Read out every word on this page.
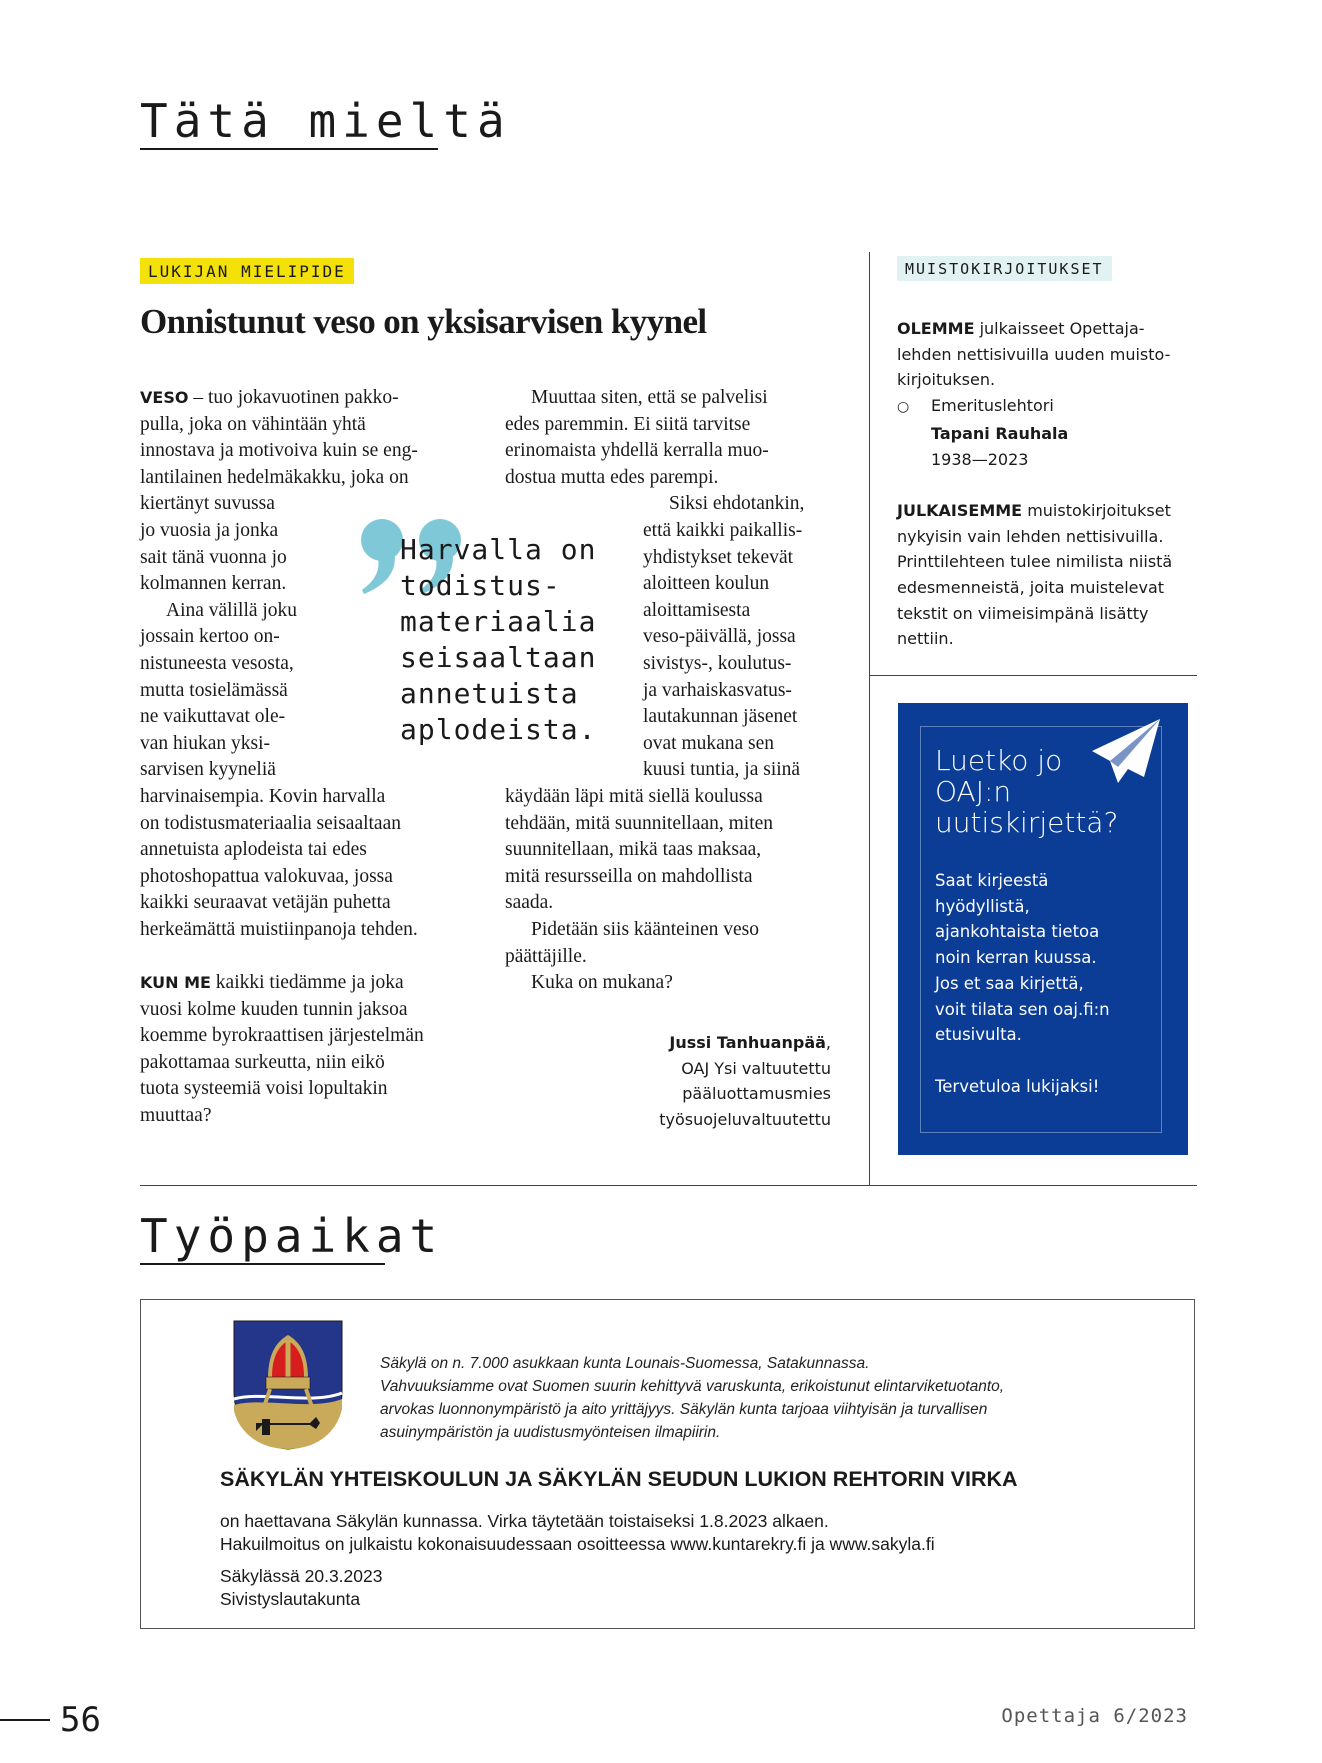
Tätä mieltä
LUKIJAN MIELIPIDE
Onnistunut veso on yksisarvisen kyynel
VESO – tuo jokavuotinen pakko-
pulla, joka on vähintään yhtä
innostava ja motivoiva kuin se eng-
lantilainen hedelmäkakku, joka on
kiertänyt suvussa
jo vuosia ja jonka
sait tänä vuonna jo
kolmannen kerran.
Aina välillä joku
jossain kertoo on-
nistuneesta vesosta,
mutta tosielämässä
ne vaikuttavat ole-
van hiukan yksi-
sarvisen kyyneliä
harvinaisempia. Kovin harvalla
on todistusmateriaalia seisaaltaan
annetuista aplodeista tai edes
photoshopattua valokuvaa, jossa
kaikki seuraavat vetäjän puhetta
herkeämättä muistiinpanoja tehden.
KUN ME kaikki tiedämme ja joka
vuosi kolme kuuden tunnin jaksoa
koemme byrokraattisen järjestelmän
pakottamaa surkeutta, niin eikö
tuota systeemiä voisi lopultakin
muuttaa?
Muuttaa siten, että se palvelisi
edes paremmin. Ei siitä tarvitse
erinomaista yhdellä kerralla muo-
dostua mutta edes parempi.
Siksi ehdotankin,
että kaikki paikallis-
yhdistykset tekevät
aloitteen koulun
aloittamisesta
veso-päivällä, jossa
sivistys-, koulutus-
ja varhaiskasvatus-
lautakunnan jäsenet
ovat mukana sen
kuusi tuntia, ja siinä
käydään läpi mitä siellä koulussa
tehdään, mitä suunnitellaan, miten
suunnitellaan, mikä taas maksaa,
mitä resursseilla on mahdollista
saada.
Pidetään siis käänteinen veso
päättäjille.
Kuka on mukana?
Harvalla on
todistus-
materiaalia
seisaaltaan
annetuista
aplodeista.
Jussi Tanhuanpää,
OAJ Ysi valtuutettu
pääluottamusmies
työsuojeluvaltuutettu
MUISTOKIRJOITUKSET
OLEMME julkaisseet Opettaja-
lehden nettisivuilla uuden muisto-
kirjoituksen.
○ Emerituslehtori
Tapani Rauhala
1938—2023
JULKAISEMME muistokirjoitukset
nykyisin vain lehden nettisivuilla.
Printtilehteen tulee nimilista niistä
edesmenneistä, joita muistelevat
tekstit on viimeisimpänä lisätty
nettiin.
Luetko jo
OAJ:n
uutiskirjettä?
Saat kirjeestä
hyödyllistä,
ajankohtaista tietoa
noin kerran kuussa.
Jos et saa kirjettä,
voit tilata sen oaj.fi:n
etusivulta.
Tervetuloa lukijaksi!
Työpaikat
Säkylä on n. 7.000 asukkaan kunta Lounais-Suomessa, Satakunnassa.
Vahvuuksiamme ovat Suomen suurin kehittyvä varuskunta, erikoistunut elintarviketuotanto,
arvokas luonnonympäristö ja aito yrittäjyys. Säkylän kunta tarjoaa viihtyisän ja turvallisen
asuinympäristön ja uudistusmyönteisen ilmapiirin.
SÄKYLÄN YHTEISKOULUN JA SÄKYLÄN SEUDUN LUKION REHTORIN VIRKA
on haettavana Säkylän kunnassa. Virka täytetään toistaiseksi 1.8.2023 alkaen.
Hakuilmoitus on julkaistu kokonaisuudessaan osoitteessa www.kuntarekry.fi ja www.sakyla.fi
Säkylässä 20.3.2023
Sivistyslautakunta
56	Opettaja 6/2023
